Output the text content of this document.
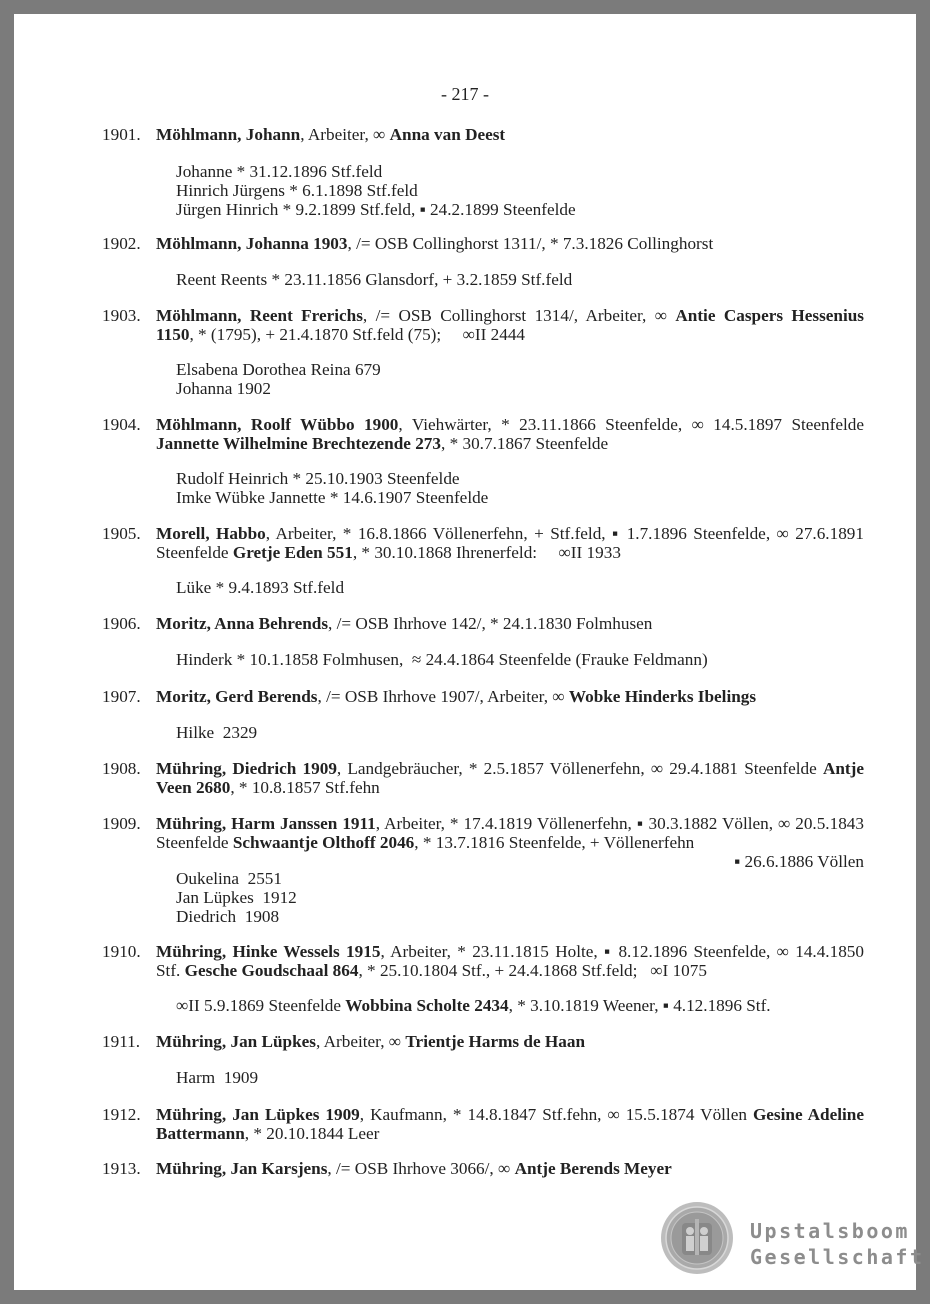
- 217 -
1901. Möhlmann, Johann, Arbeiter, ∞ Anna van Deest
Johanne * 31.12.1896 Stf.feld
Hinrich Jürgens * 6.1.1898 Stf.feld
Jürgen Hinrich * 9.2.1899 Stf.feld, ▪ 24.2.1899 Steenfelde
1902. Möhlmann, Johanna 1903, /= OSB Collinghorst 1311/, * 7.3.1826 Collinghorst
Reent Reents * 23.11.1856 Glansdorf, + 3.2.1859 Stf.feld
1903. Möhlmann, Reent Frerichs, /= OSB Collinghorst 1314/, Arbeiter, ∞ Antie Caspers Hessenius 1150, * (1795), + 21.4.1870 Stf.feld (75);     ∞II 2444
Elsabena Dorothea Reina 679
Johanna 1902
1904. Möhlmann, Roolf Wübbo 1900, Viehwärter, * 23.11.1866 Steenfelde, ∞ 14.5.1897 Steenfelde Jannette Wilhelmine Brechtezende 273, * 30.7.1867 Steenfelde
Rudolf Heinrich * 25.10.1903 Steenfelde
Imke Wübke Jannette * 14.6.1907 Steenfelde
1905. Morell, Habbo, Arbeiter, * 16.8.1866 Völlenerfehn, + Stf.feld, ▪ 1.7.1896 Steenfelde, ∞ 27.6.1891 Steenfelde Gretje Eden 551, * 30.10.1868 Ihrenerfeld:     ∞II 1933
Lüke * 9.4.1893 Stf.feld
1906. Moritz, Anna Behrends, /= OSB Ihrhove 142/, * 24.1.1830 Folmhusen
Hinderk * 10.1.1858 Folmhusen,  ≈ 24.4.1864 Steenfelde (Frauke Feldmann)
1907. Moritz, Gerd Berends, /= OSB Ihrhove 1907/, Arbeiter, ∞ Wobke Hinderks Ibelings
Hilke  2329
1908. Mühring, Diedrich 1909, Landgebräucher, * 2.5.1857 Völlenerfehn, ∞ 29.4.1881 Steenfelde Antje Veen 2680, * 10.8.1857 Stf.fehn
1909. Mühring, Harm Janssen 1911, Arbeiter, * 17.4.1819 Völlenerfehn, ▪ 30.3.1882 Völlen, ∞ 20.5.1843 Steenfelde Schwaantje Olthoff 2046, * 13.7.1816 Steenfelde, + Völlenerfehn
▪ 26.6.1886 Völlen
Oukelina  2551
Jan Lüpkes  1912
Diedrich  1908
1910. Mühring, Hinke Wessels 1915, Arbeiter, * 23.11.1815 Holte, ▪ 8.12.1896 Steenfelde, ∞ 14.4.1850 Stf. Gesche Goudschaal 864, * 25.10.1804 Stf., + 24.4.1868 Stf.feld;   ∞I 1075
∞II 5.9.1869 Steenfelde Wobbina Scholte 2434, * 3.10.1819 Weener, ▪ 4.12.1896 Stf.
1911. Mühring, Jan Lüpkes, Arbeiter, ∞ Trientje Harms de Haan
Harm  1909
1912. Mühring, Jan Lüpkes 1909, Kaufmann, * 14.8.1847 Stf.fehn, ∞ 15.5.1874 Völlen Gesine Adeline Battermann, * 20.10.1844 Leer
1913. Mühring, Jan Karsjens, /= OSB Ihrhove 3066/, ∞ Antje Berends Meyer
Upstalsboom
Gesellschaft
